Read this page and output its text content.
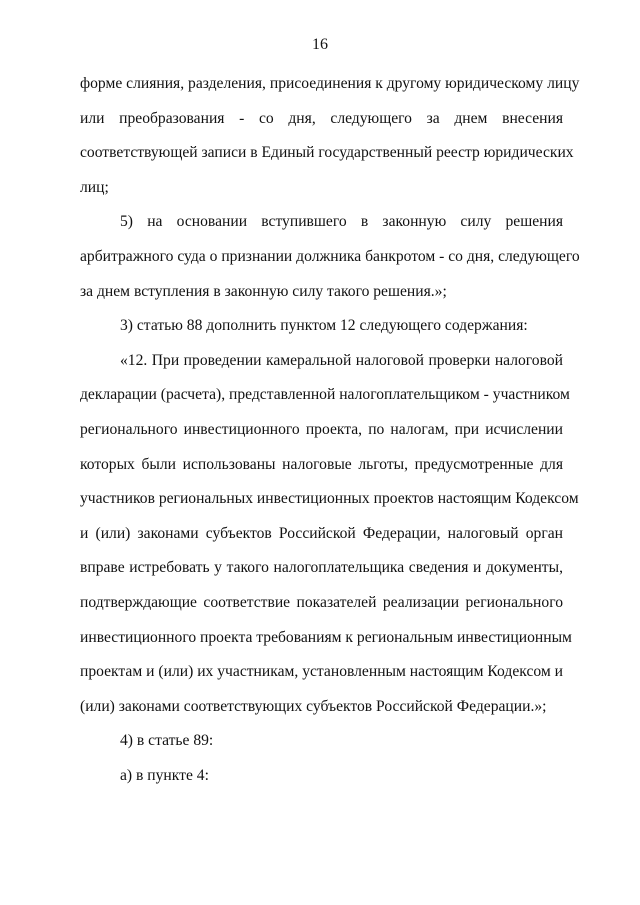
16
форме слияния, разделения, присоединения к другому юридическому лицу
или преобразования - со дня, следующего за днем внесения
соответствующей записи в Единый государственный реестр юридических
лиц;
5) на основании вступившего в законную силу решения
арбитражного суда о признании должника банкротом - со дня, следующего
за днем вступления в законную силу такого решения.»;
3) статью 88 дополнить пунктом 12 следующего содержания:
«12. При проведении камеральной налоговой проверки налоговой
декларации (расчета), представленной налогоплательщиком - участником
регионального инвестиционного проекта, по налогам, при исчислении
которых были использованы налоговые льготы, предусмотренные для
участников региональных инвестиционных проектов настоящим Кодексом
и (или) законами субъектов Российской Федерации, налоговый орган
вправе истребовать у такого налогоплательщика сведения и документы,
подтверждающие соответствие показателей реализации регионального
инвестиционного проекта требованиям к региональным инвестиционным
проектам и (или) их участникам, установленным настоящим Кодексом и
(или) законами соответствующих субъектов Российской Федерации.»;
4) в статье 89:
а) в пункте 4:
